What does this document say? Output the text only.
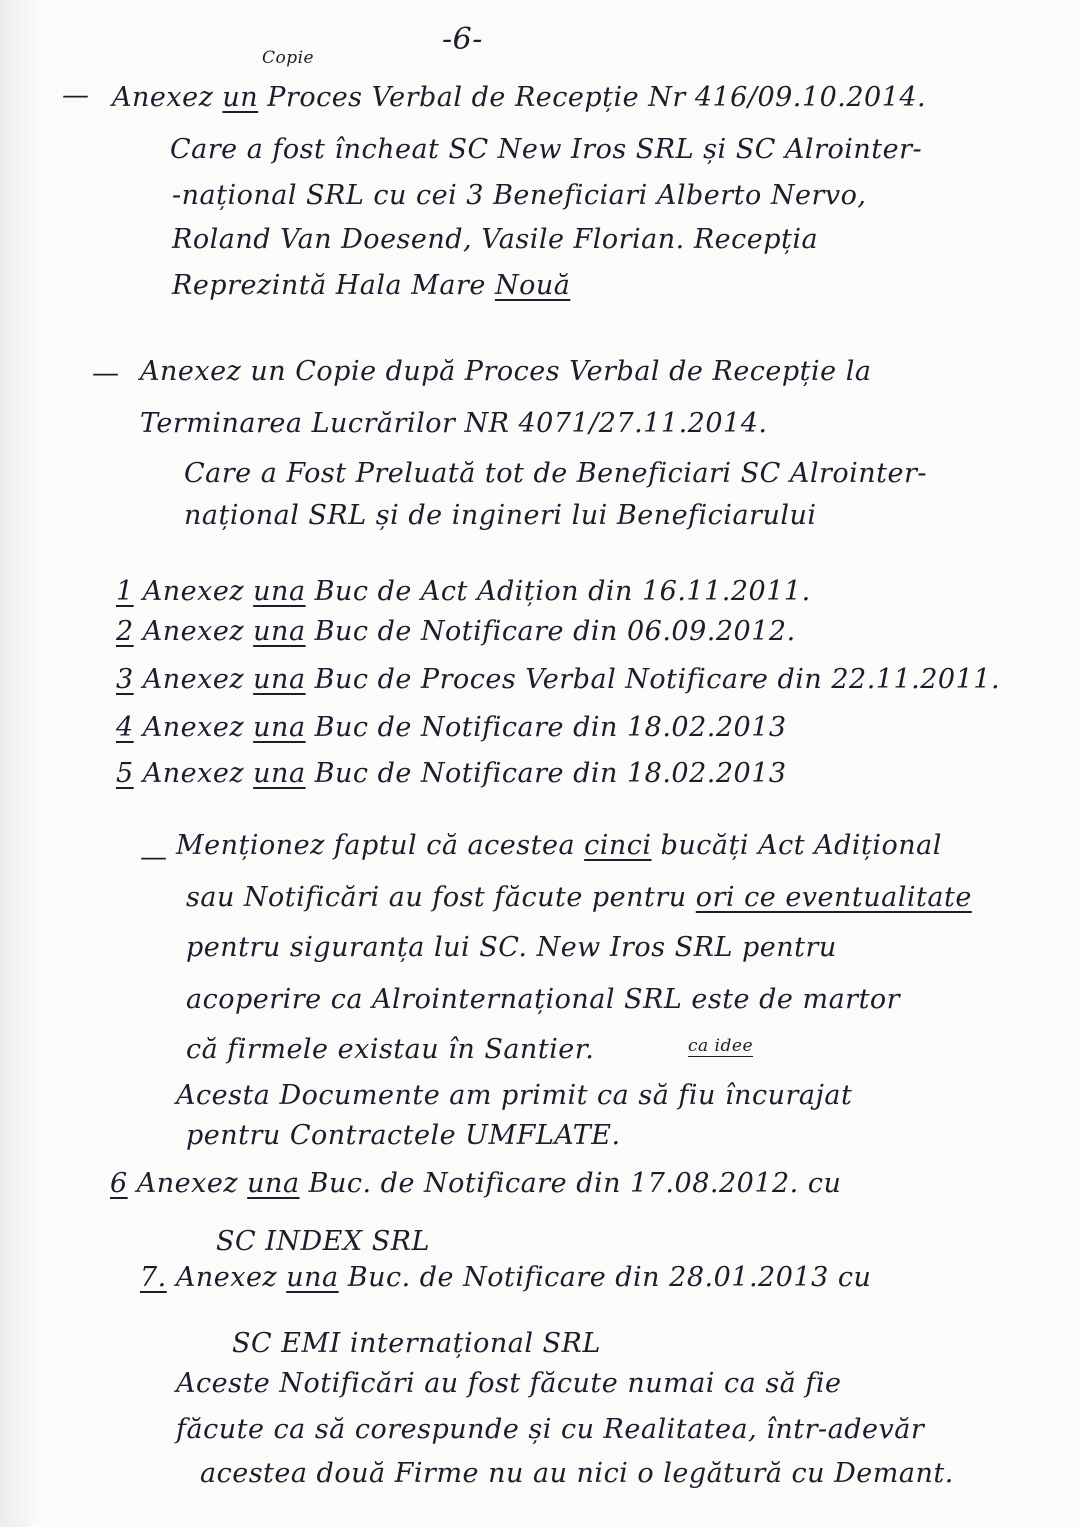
-6-
Copie
— Anexez un Proces Verbal de Recepție Nr 416/09.10.2014.
Care a fost încheat SC New Iros SRL și SC Alrointer-
-național SRL cu cei 3 Beneficiari Alberto Nervo,
Roland Van Doesend, Vasile Florian. Recepția
Reprezintă Hala Mare Nouă
— Anexez un Copie după Proces Verbal de Recepție la
Terminarea Lucrărilor NR 4071/27.11.2014.
Care a Fost Preluată tot de Beneficiari SC Alrointer-
național SRL și de ingineri lui Beneficiarului
1 Anexez una Buc de Act Adițion din 16.11.2011.
2 Anexez una Buc de Notificare din 06.09.2012.
3 Anexez una Buc de Proces Verbal Notificare din 22.11.2011.
4 Anexez una Buc de Notificare din 18.02.2013
5 Anexez una Buc de Notificare din 18.02.2013
— Menționez faptul că acestea cinci bucăți Act Adițional
sau Notificări au fost făcute pentru ori ce eventualitate
pentru siguranța lui SC. New Iros SRL pentru
acoperire ca Alrointernațional SRL este de martor
că firmele existau în Santier.	ca idee
Acesta Documente am primit ca să fiu încurajat
pentru Contractele UMFLATE.
6 Anexez una Buc. de Notificare din 17.08.2012. cu
SC INDEX SRL
7. Anexez una Buc. de Notificare din 28.01.2013 cu
SC EMI internațional SRL
Aceste Notificări au fost făcute numai ca să fie
făcute ca să corespunde și cu Realitatea, într-adevăr
acestea două Firme nu au nici o legătură cu Demant.
